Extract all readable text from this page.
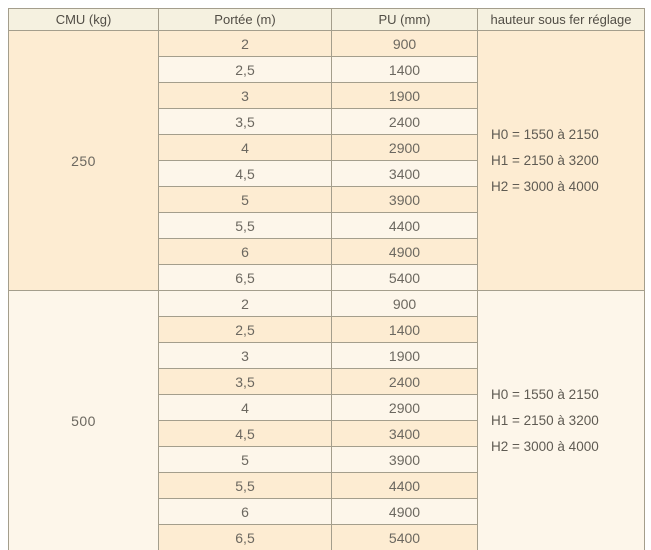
CMU (kg)	Portée (m)	PU (mm)	hauteur sous fer réglage
250	2	900	H0 = 1550 à 2150
H1 = 2150 à 3200
H2 = 3000 à 4000

	2,5	1400	
	3	1900	
	3,5	2400	
	4	2900	
	4,5	3400	
	5	3900	
	5,5	4400	
	6	4900	
	6,5	5400	
500	2	900	H0 = 1550 à 2150
H1 = 2150 à 3200
H2 = 3000 à 4000

	2,5	1400	
	3	1900	
	3,5	2400	
	4	2900	
	4,5	3400	
	5	3900	
	5,5	4400	
	6	4900	
	6,5	5400	
